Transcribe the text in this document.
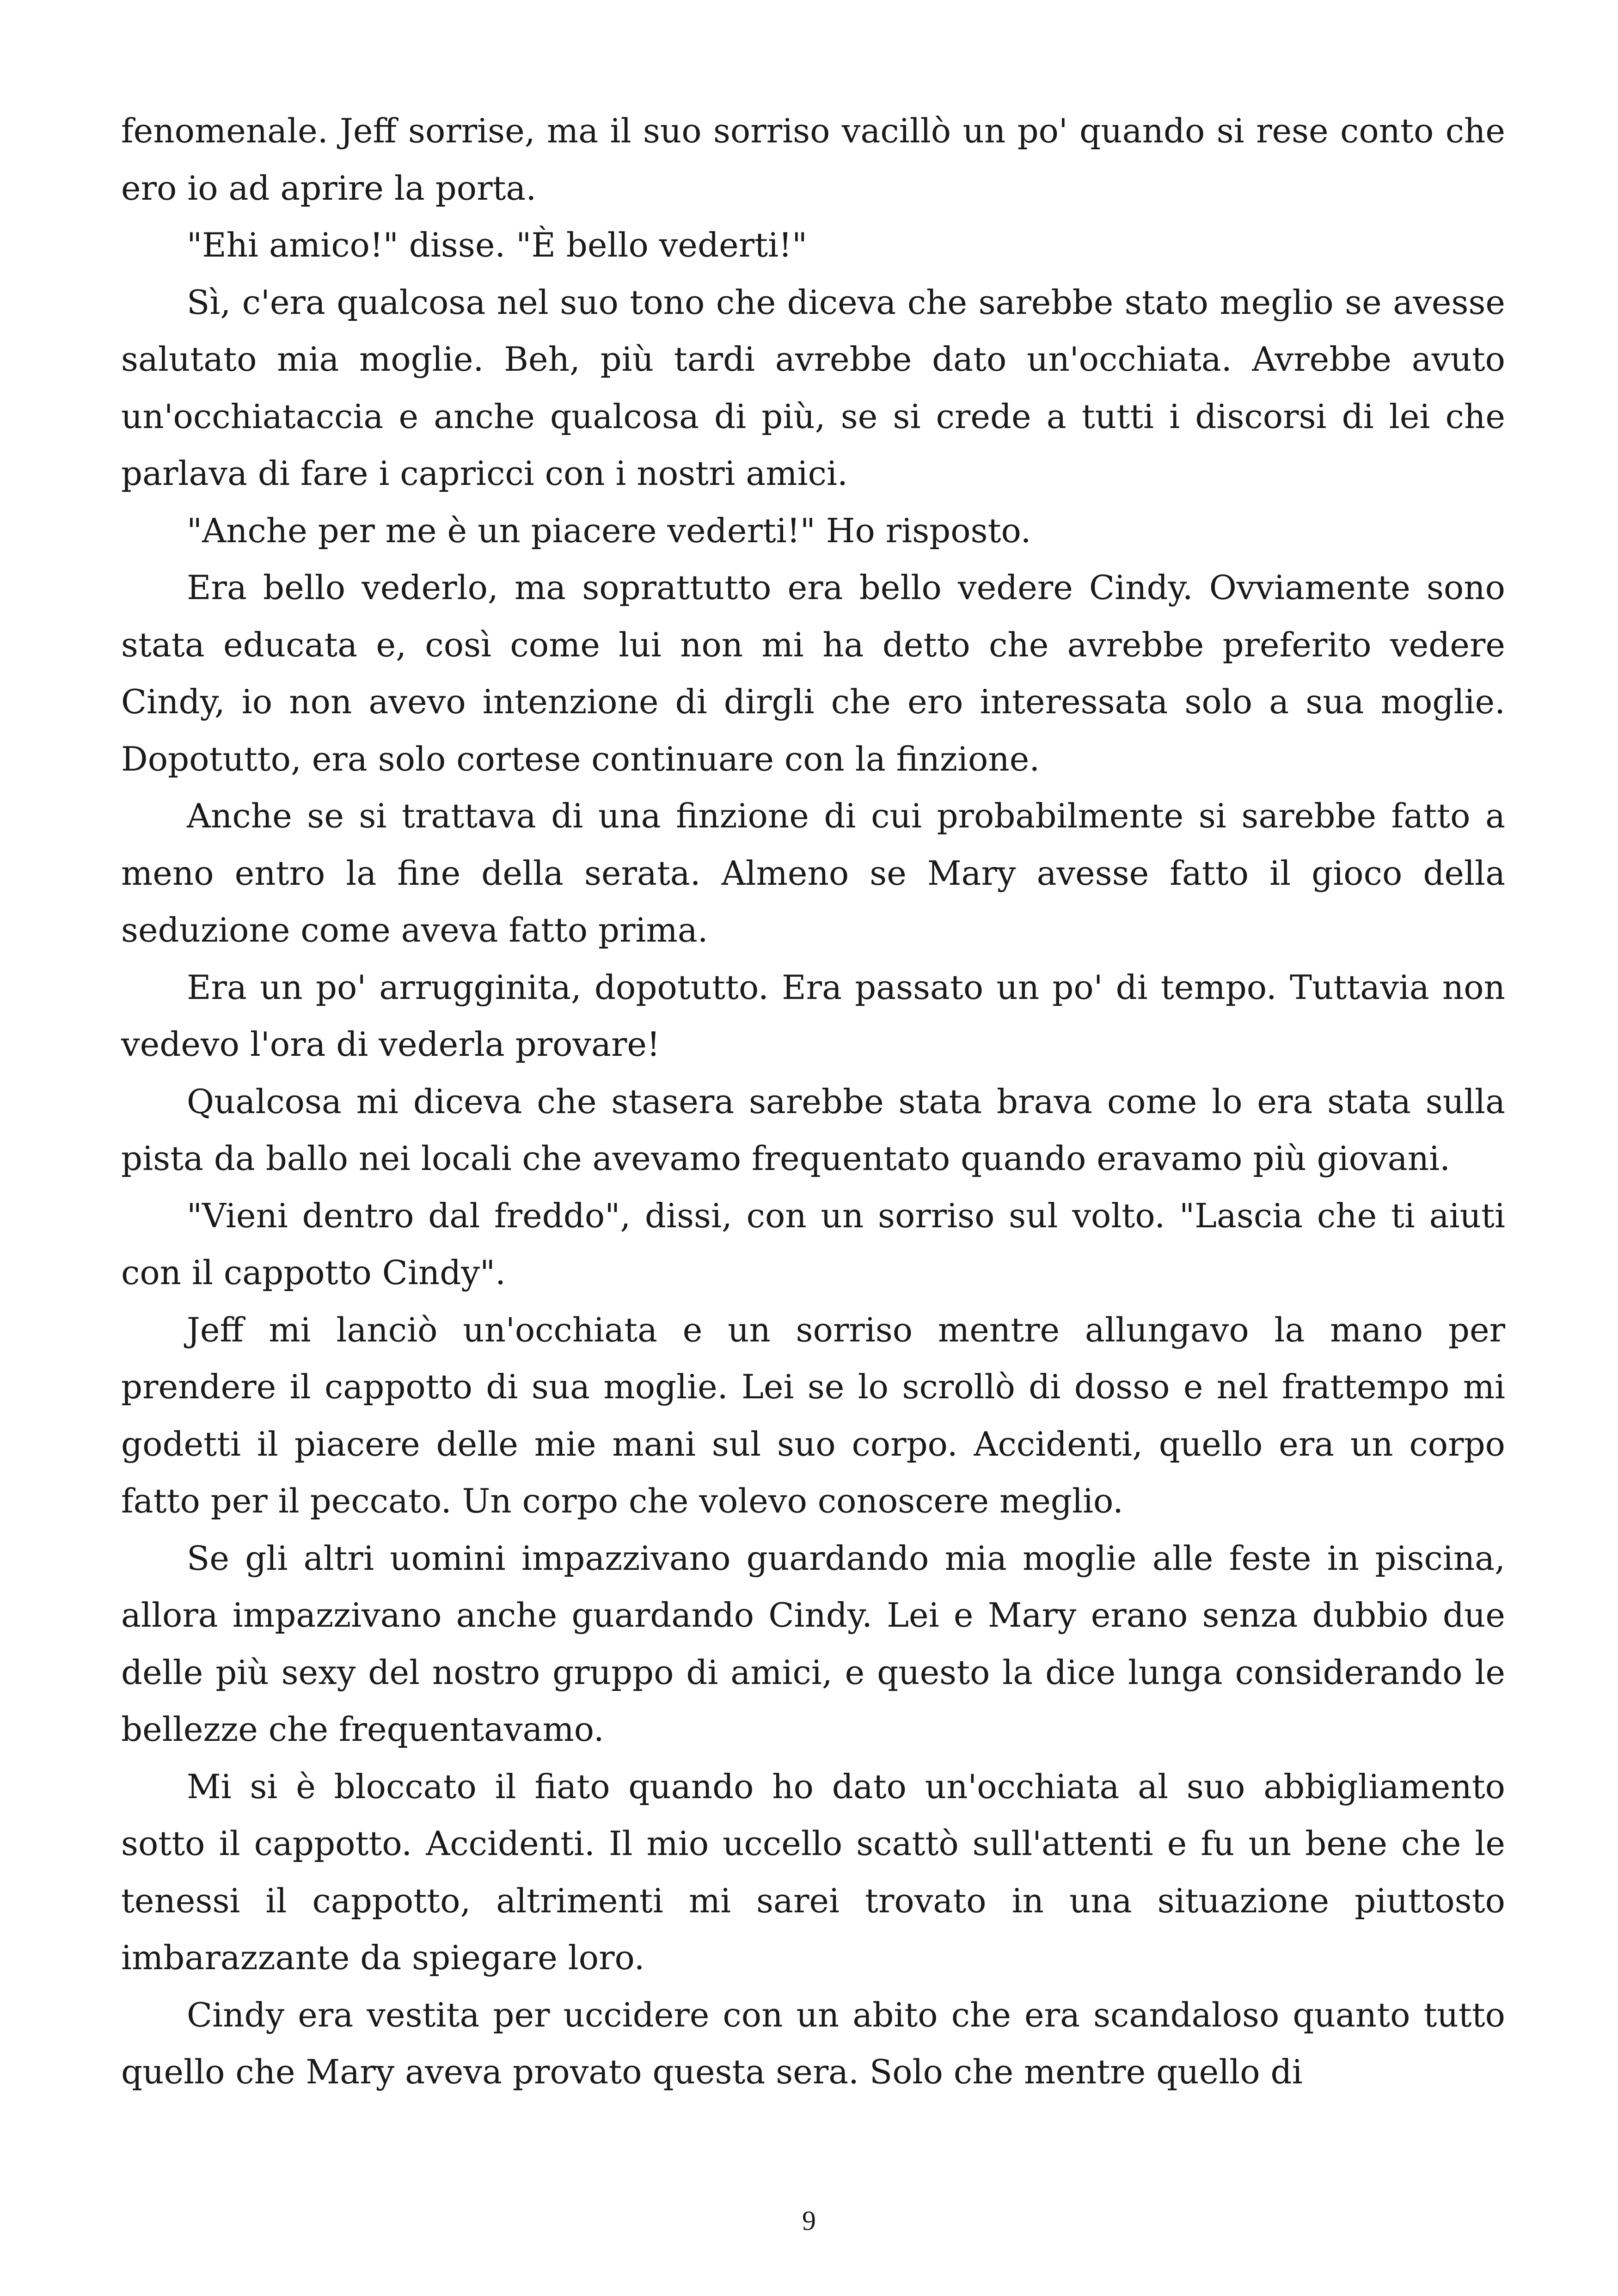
fenomenale. Jeff sorrise, ma il suo sorriso vacillò un po' quando si rese conto che ero io ad aprire la porta.

"Ehi amico!" disse. "È bello vederti!"

Sì, c'era qualcosa nel suo tono che diceva che sarebbe stato meglio se avesse salutato mia moglie. Beh, più tardi avrebbe dato un'occhiata. Avrebbe avuto un'occhiataccia e anche qualcosa di più, se si crede a tutti i discorsi di lei che parlava di fare i capricci con i nostri amici.

"Anche per me è un piacere vederti!" Ho risposto.

Era bello vederlo, ma soprattutto era bello vedere Cindy. Ovviamente sono stata educata e, così come lui non mi ha detto che avrebbe preferito vedere Cindy, io non avevo intenzione di dirgli che ero interessata solo a sua moglie. Dopotutto, era solo cortese continuare con la finzione.

Anche se si trattava di una finzione di cui probabilmente si sarebbe fatto a meno entro la fine della serata. Almeno se Mary avesse fatto il gioco della seduzione come aveva fatto prima.

Era un po' arrugginita, dopotutto. Era passato un po' di tempo. Tuttavia non vedevo l'ora di vederla provare!

Qualcosa mi diceva che stasera sarebbe stata brava come lo era stata sulla pista da ballo nei locali che avevamo frequentato quando eravamo più giovani.

"Vieni dentro dal freddo", dissi, con un sorriso sul volto. "Lascia che ti aiuti con il cappotto Cindy".

Jeff mi lanciò un'occhiata e un sorriso mentre allungavo la mano per prendere il cappotto di sua moglie. Lei se lo scrollò di dosso e nel frattempo mi godetti il piacere delle mie mani sul suo corpo. Accidenti, quello era un corpo fatto per il peccato. Un corpo che volevo conoscere meglio.

Se gli altri uomini impazzivano guardando mia moglie alle feste in piscina, allora impazzivano anche guardando Cindy. Lei e Mary erano senza dubbio due delle più sexy del nostro gruppo di amici, e questo la dice lunga considerando le bellezze che frequentavamo.

Mi si è bloccato il fiato quando ho dato un'occhiata al suo abbigliamento sotto il cappotto. Accidenti. Il mio uccello scattò sull'attenti e fu un bene che le tenessi il cappotto, altrimenti mi sarei trovato in una situazione piuttosto imbarazzante da spiegare loro.

Cindy era vestita per uccidere con un abito che era scandaloso quanto tutto quello che Mary aveva provato questa sera. Solo che mentre quello di

9
